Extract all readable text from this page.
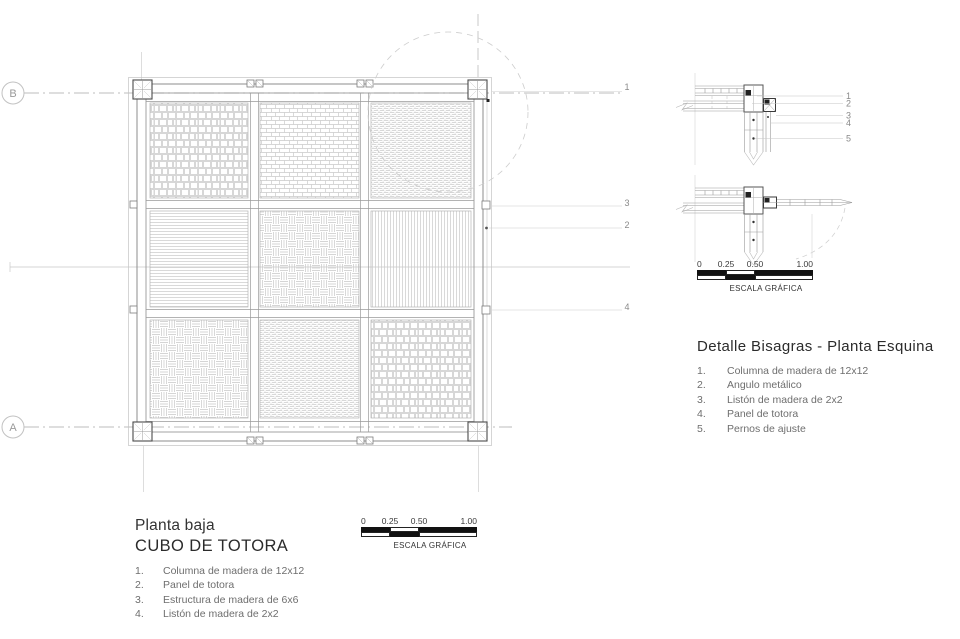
B
A
1
3
2
4
1
2
3
4
5
Planta baja
CUBO DE TOTORA
1.	Columna de madera de 12x12
2.	Panel de totora
3.	Estructura de madera de 6x6
4.	Listón de madera de 2x2
0 0.25 0.50	1.00
ESCALA GRÁFICA
0 0.25 0.50	1.00
ESCALA GRÁFICA
Detalle Bisagras - Planta Esquina
1.	Columna de madera de 12x12
2.	Angulo metálico
3.	Listón de madera de 2x2
4.	Panel de totora
5.	Pernos de ajuste
